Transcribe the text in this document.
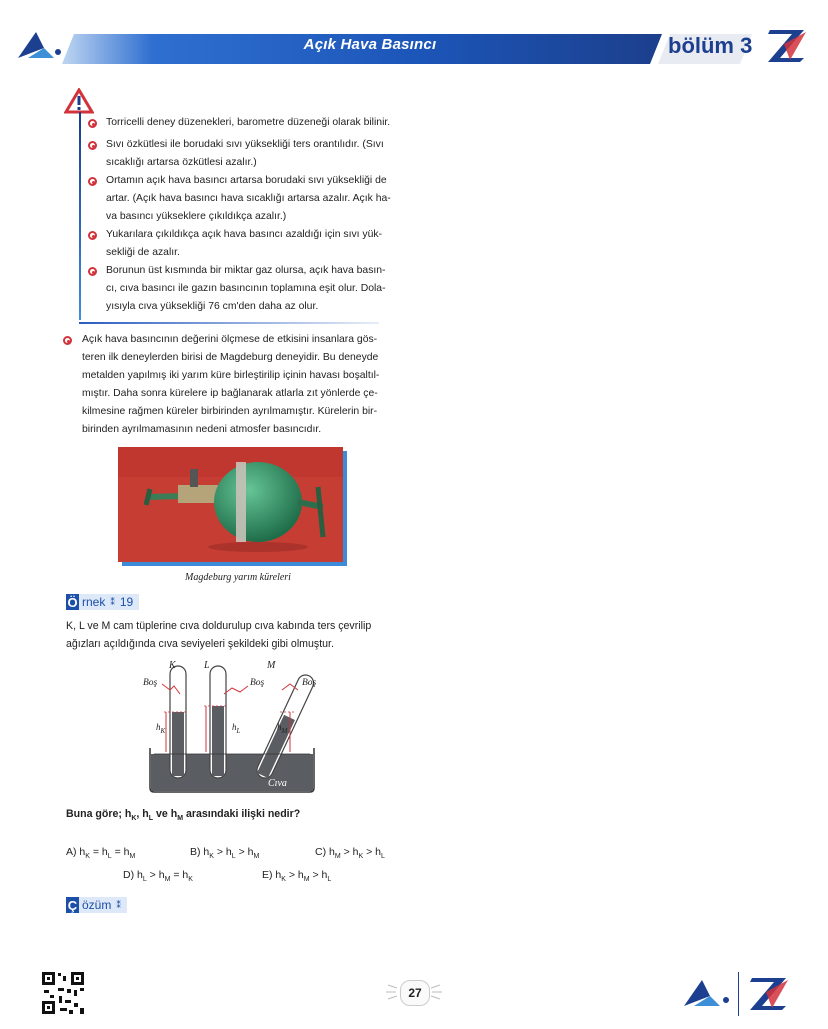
Açık Hava Basıncı	bölüm 3
Torricelli deney düzenekleri, barometre düzeneği olarak bilinir.
Sıvı özkütlesi ile borudaki sıvı yüksekliği ters orantılıdır. (Sıvı
sıcaklığı artarsa özkütlesi azalır.)
Ortamın açık hava basıncı artarsa borudaki sıvı yüksekliği de
artar. (Açık hava basıncı hava sıcaklığı artarsa azalır. Açık ha-
va basıncı yükseklere çıkıldıkça azalır.)
Yukarılara çıkıldıkça açık hava basıncı azaldığı için sıvı yük-
sekliği de azalır.
Borunun üst kısmında bir miktar gaz olursa, açık hava basın-
cı, cıva basıncı ile gazın basıncının toplamına eşit olur. Dola-
yısıyla cıva yüksekliği 76 cm'den daha az olur.
Açık hava basıncının değerini ölçmese de etkisini insanlara gös-
teren ilk deneylerden birisi de Magdeburg deneyidir. Bu deneyde
metalden yapılmış iki yarım küre birleştirilip içinin havası boşaltıl-
mıştır. Daha sonra kürelere ip bağlanarak atlarla zıt yönlerde çe-
kilmesine rağmen küreler birbirinden ayrılmamıştır. Kürelerin bir-
birinden ayrılmamasının nedeni atmosfer basıncıdır.
Magdeburg yarım küreleri
Ö rnek ⁑ 19
K, L ve M cam tüplerine cıva doldurulup cıva kabında ters çevrilip
ağızları açıldığında cıva seviyeleri şekildeki gibi olmuştur.
K	L	M
Boş	Boş	Boş
$h_K$	$h_L$	$h_M$
Cıva
Buna göre; $h_K$, $h_L$ ve $h_M$ arasındaki ilişki nedir?
A) $h_K = h_L = h_M$	B) $h_K > h_L > h_M$	C) $h_M > h_K > h_L$
D) $h_L > h_M = h_K$	E) $h_K > h_M > h_L$
Ç özüm ⁑
27
